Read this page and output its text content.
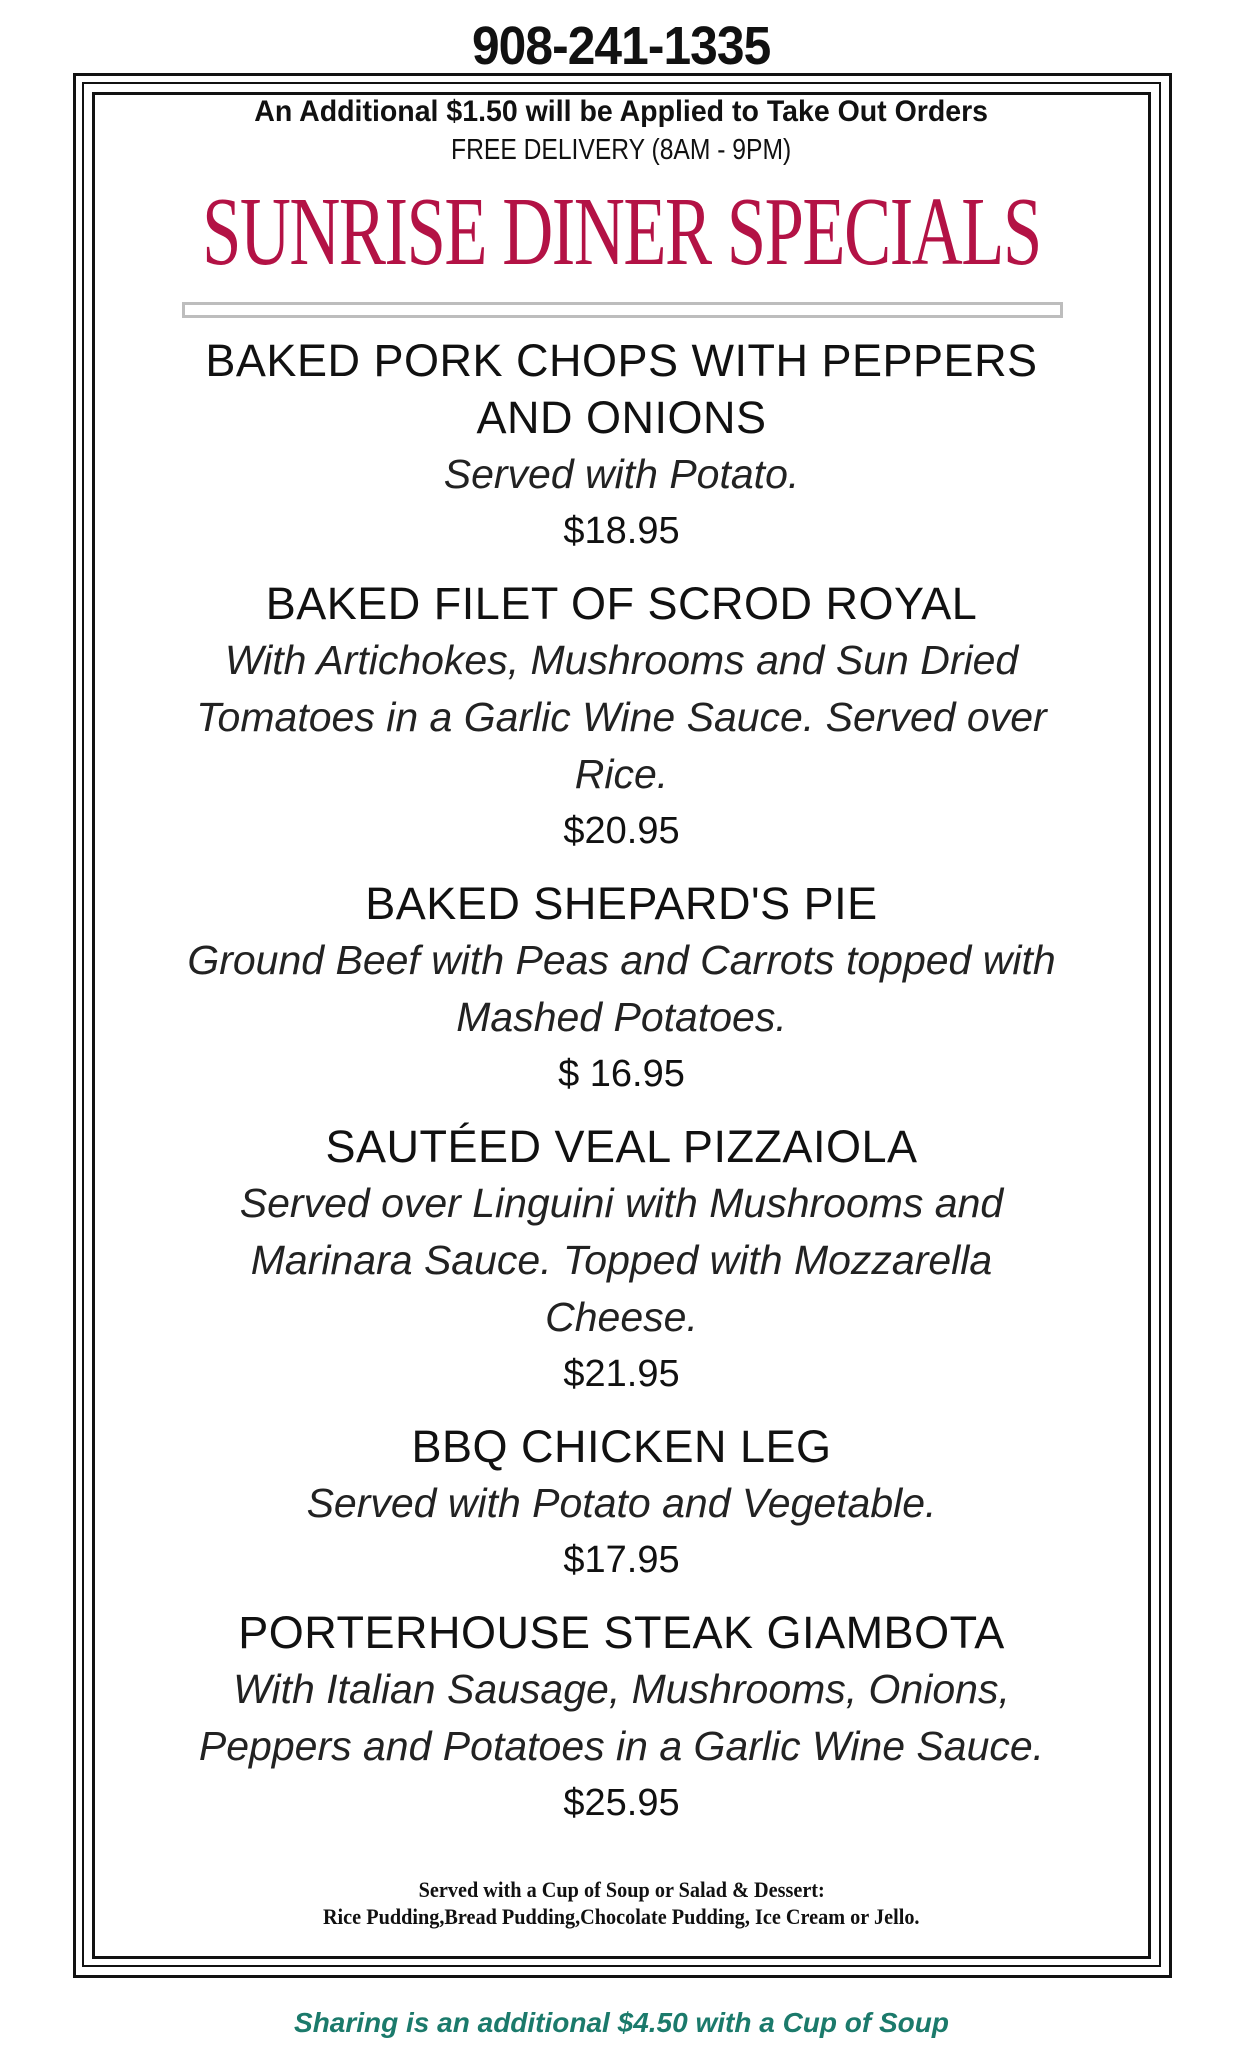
908-241-1335
An Additional $1.50 will be Applied to Take Out Orders
FREE DELIVERY (8AM - 9PM)
SUNRISE DINER SPECIALS
BAKED PORK CHOPS WITH PEPPERS AND ONIONS
Served with Potato.
$18.95
BAKED FILET OF SCROD ROYAL
With Artichokes, Mushrooms and Sun Dried Tomatoes in a Garlic Wine Sauce. Served over Rice.
$20.95
BAKED SHEPARD'S PIE
Ground Beef with Peas and Carrots topped with Mashed Potatoes.
$ 16.95
SAUTÉED VEAL PIZZAIOLA
Served over Linguini with Mushrooms and Marinara Sauce. Topped with Mozzarella Cheese.
$21.95
BBQ CHICKEN LEG
Served with Potato and Vegetable.
$17.95
PORTERHOUSE STEAK GIAMBOTA
With Italian Sausage, Mushrooms, Onions, Peppers and Potatoes in a Garlic Wine Sauce.
$25.95
Served with a Cup of Soup or Salad & Dessert:
Rice Pudding,Bread Pudding,Chocolate Pudding, Ice Cream or Jello.
Sharing is an additional $4.50 with a Cup of Soup
